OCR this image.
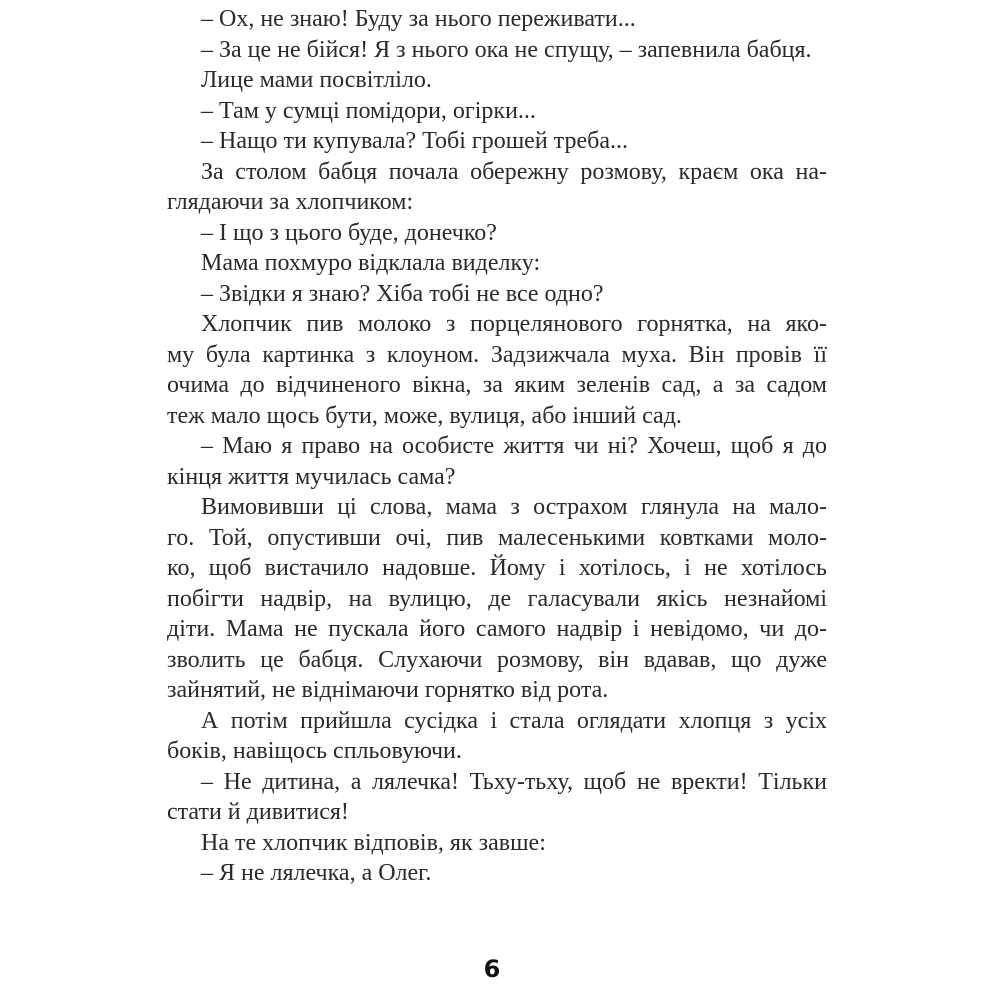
– Ох, не знаю! Буду за нього переживати...
– За це не бійся! Я з нього ока не спущу, – запевнила бабця.
Лице мами посвітліло.
– Там у сумці помідори, огірки...
– Нащо ти купувала? Тобі грошей треба...
За столом бабця почала обережну розмову, краєм ока на-
глядаючи за хлопчиком:
– І що з цього буде, донечко?
Мама похмуро відклала виделку:
– Звідки я знаю? Хіба тобі не все одно?
Хлопчик пив молоко з порцелянового горнятка, на яко-
му була картинка з клоуном. Задзижчала муха. Він провів її
очима до відчиненого вікна, за яким зеленів сад, а за садом
теж мало щось бути, може, вулиця, або інший сад.
– Маю я право на особисте життя чи ні? Хочеш, щоб я до
кінця життя мучилась сама?
Вимовивши ці слова, мама з острахом глянула на мало-
го. Той, опустивши очі, пив малесенькими ковтками моло-
ко, щоб вистачило надовше. Йому і хотілось, і не хотілось
побігти надвір, на вулицю, де галасували якісь незнайомі
діти. Мама не пускала його самого надвір і невідомо, чи до-
зволить це бабця. Слухаючи розмову, він вдавав, що дуже
зайнятий, не віднімаючи горнятко від рота.
А потім прийшла сусідка і стала оглядати хлопця з усіх
боків, навіщось спльовуючи.
– Не дитина, а лялечка! Тьху-тьху, щоб не вректи! Тільки
стати й дивитися!
На те хлопчик відповів, як завше:
– Я не лялечка, а Олег.
6
